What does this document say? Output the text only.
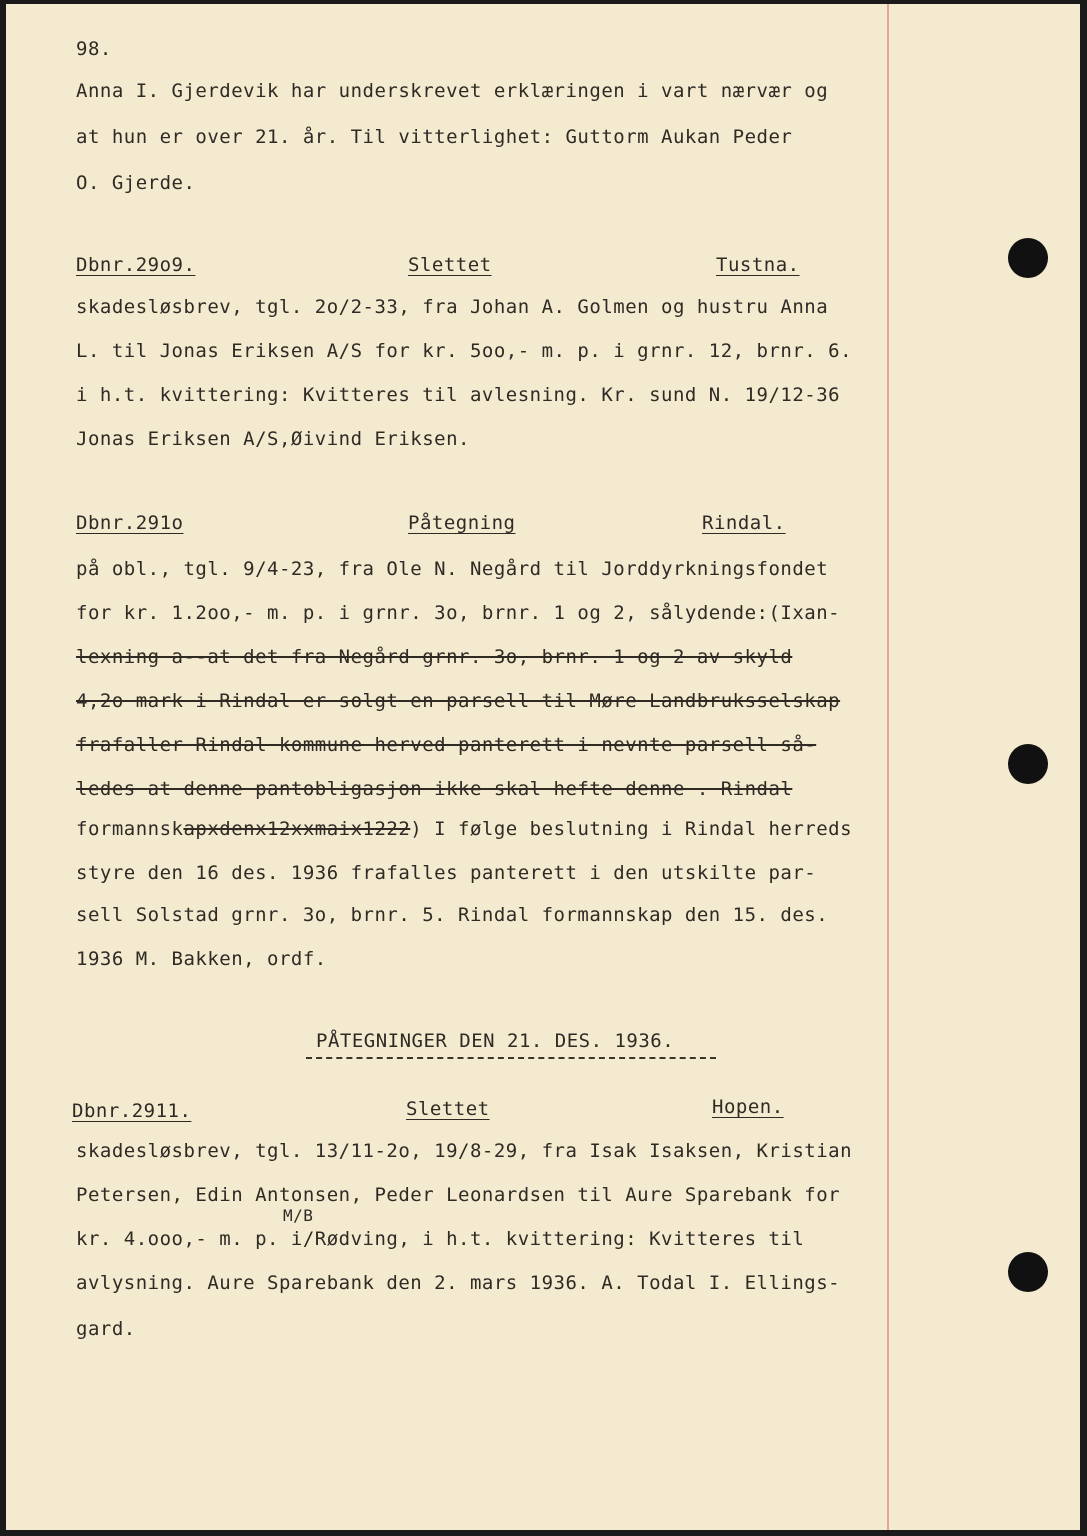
98.
Anna I. Gjerdevik har underskrevet erklæringen i vart nærvær og
at hun er over 21. år. Til vitterlighet: Guttorm Aukan Peder
O. Gjerde.
Dbnr.29o9.	Slettet	Tustna.
skadesløsbrev, tgl. 2o/2-33, fra Johan A. Golmen og hustru Anna
L. til Jonas Eriksen A/S for kr. 5oo,- m. p. i grnr. 12, brnr. 6.
i h.t. kvittering: Kvitteres til avlesning. Kr. sund N. 19/12-36
Jonas Eriksen A/S,Øivind Eriksen.
Dbnr.291o	Påtegning	Rindal.
på obl., tgl. 9/4-23, fra Ole N. Negård til Jorddyrkningsfondet
for kr. 1.2oo,- m. p. i grnr. 3o, brnr. 1 og 2, sålydende:(Ixan-
lexning a--at det fra Negård grnr. 3o, brnr. 1 og 2 av skyld
4,2o mark i Rindal er solgt en parsell til Møre Landbruksselskap
frafaller Rindal kommune herved panterett i nevnte parsell så-
ledes at denne pantobligasjon ikke skal hefte denne . Rindal
formannskapxdenx12xxmaix1222) I følge beslutning i Rindal herreds
styre den 16 des. 1936 frafalles panterett i den utskilte par-
sell Solstad grnr. 3o, brnr. 5. Rindal formannskap den 15. des.
1936 M. Bakken, ordf.
PÅTEGNINGER DEN 21. DES. 1936.
Dbnr.2911.	Slettet	Hopen.
skadesløsbrev, tgl. 13/11-2o, 19/8-29, fra Isak Isaksen, Kristian
Petersen, Edin Antonsen, Peder Leonardsen til Aure Sparebank for
M/B
kr. 4.ooo,- m. p. i/Rødving, i h.t. kvittering: Kvitteres til
avlysning. Aure Sparebank den 2. mars 1936. A. Todal I. Ellings-
gard.
